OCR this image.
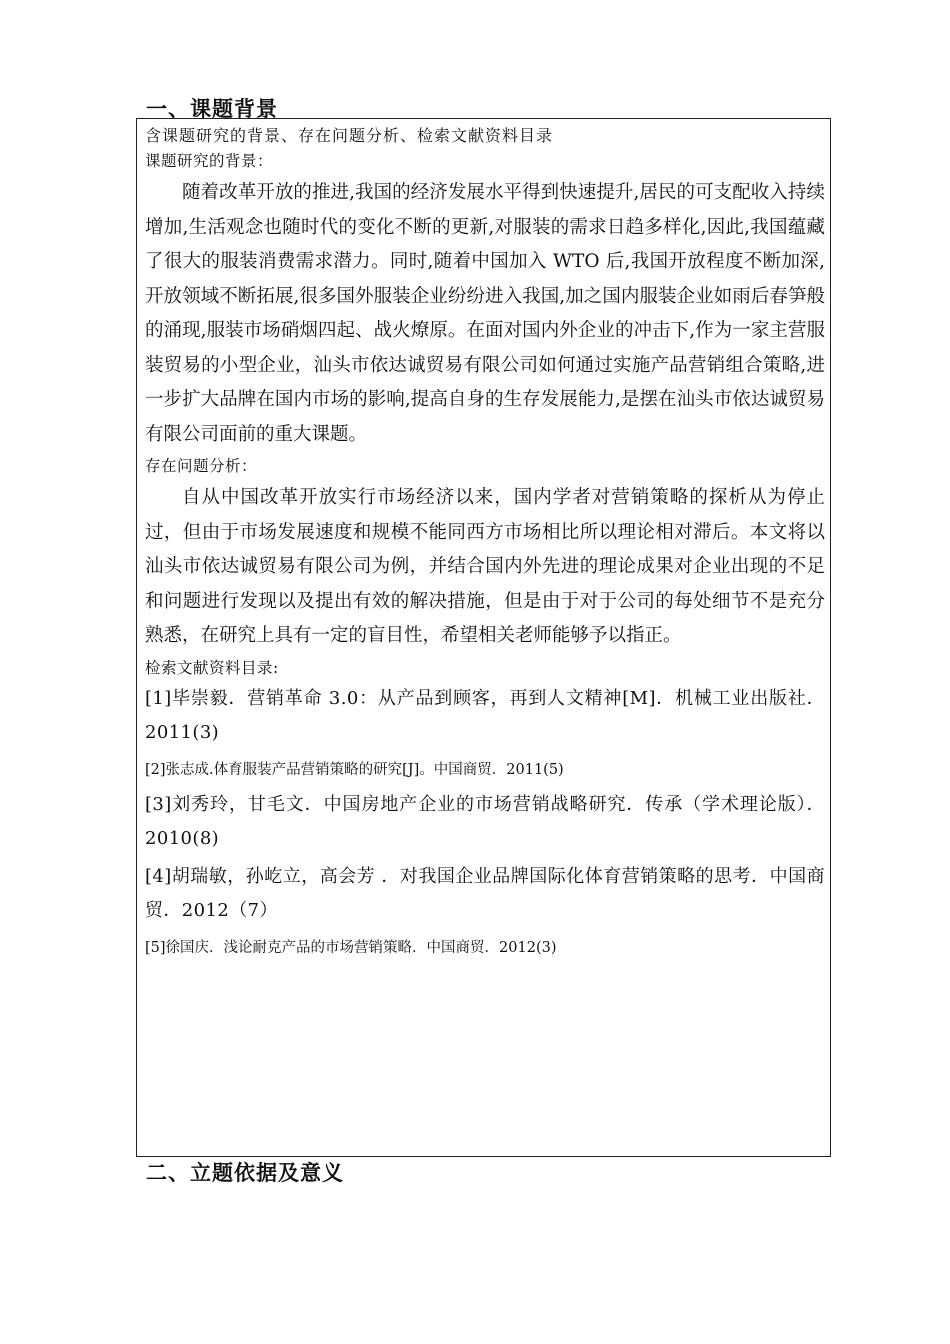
一、课题背景

含课题研究的背景、存在问题分析、检索文献资料目录

课题研究的背景：

随着改革开放的推进,我国的经济发展水平得到快速提升,居民的可支配收入持续增加,生活观念也随时代的变化不断的更新,对服装的需求日趋多样化,因此,我国蕴藏了很大的服装消费需求潜力。同时,随着中国加入 WTO 后,我国开放程度不断加深,开放领域不断拓展,很多国外服装企业纷纷进入我国,加之国内服装企业如雨后春笋般的涌现,服装市场硝烟四起、战火燎原。在面对国内外企业的冲击下,作为一家主营服装贸易的小型企业，汕头市依达诚贸易有限公司如何通过实施产品营销组合策略,进一步扩大品牌在国内市场的影响,提高自身的生存发展能力,是摆在汕头市依达诚贸易有限公司面前的重大课题。

存在问题分析：

自从中国改革开放实行市场经济以来，国内学者对营销策略的探析从为停止过，但由于市场发展速度和规模不能同西方市场相比所以理论相对滞后。本文将以汕头市依达诚贸易有限公司为例，并结合国内外先进的理论成果对企业出现的不足和问题进行发现以及提出有效的解决措施，但是由于对于公司的每处细节不是充分熟悉，在研究上具有一定的盲目性，希望相关老师能够予以指正。

检索文献资料目录:

[1]毕崇毅．营销革命 3.0：从产品到顾客，再到人文精神[M]．机械工业出版社．2011(3)

[2]张志成.体育服装产品营销策略的研究[J]。中国商贸．2011(5)

[3]刘秀玲，甘毛文．中国房地产企业的市场营销战略研究．传承（学术理论版）．2010(8)

[4]胡瑞敏，孙屹立，高会芳 ．对我国企业品牌国际化体育营销策略的思考．中国商贸．2012（7）

[5]徐国庆．浅论耐克产品的市场营销策略．中国商贸．2012(3)

二、立题依据及意义
